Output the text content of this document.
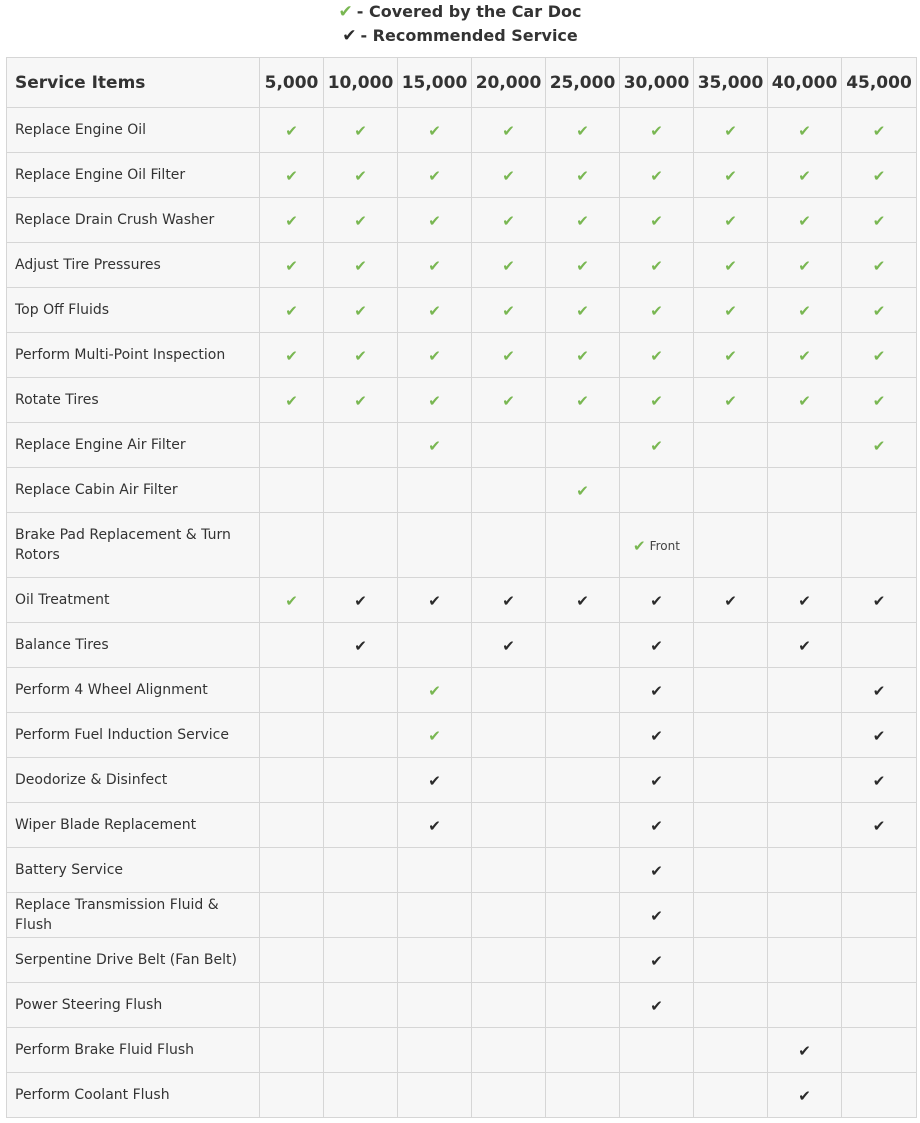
✔ - Covered by the Car Doc
✔ - Recommended Service
Service Items	5,000	10,000	15,000	20,000	25,000	30,000	35,000	40,000	45,000
Replace Engine Oil	✔	✔	✔	✔	✔	✔	✔	✔	✔

Replace Engine Oil Filter	✔	✔	✔	✔	✔	✔	✔	✔	✔

Replace Drain Crush Washer	✔	✔	✔	✔	✔	✔	✔	✔	✔

Adjust Tire Pressures	✔	✔	✔	✔	✔	✔	✔	✔	✔

Top Off Fluids	✔	✔	✔	✔	✔	✔	✔	✔	✔

Perform Multi-Point Inspection	✔	✔	✔	✔	✔	✔	✔	✔	✔

Rotate Tires	✔	✔	✔	✔	✔	✔	✔	✔	✔

Replace Engine Air Filter			✔			✔			✔

Replace Cabin Air Filter					✔				

Brake Pad Replacement & Turn Rotors						✔ Front			

Oil Treatment	✔	✔	✔	✔	✔	✔	✔	✔	✔

Balance Tires		✔		✔		✔		✔	

Perform 4 Wheel Alignment			✔			✔			✔

Perform Fuel Induction Service			✔			✔			✔

Deodorize & Disinfect			✔			✔			✔

Wiper Blade Replacement			✔			✔			✔

Battery Service						✔			

Replace Transmission Fluid & Flush						✔			

Serpentine Drive Belt (Fan Belt)						✔			

Power Steering Flush						✔			

Perform Brake Fluid Flush								✔	

Perform Coolant Flush								✔	
